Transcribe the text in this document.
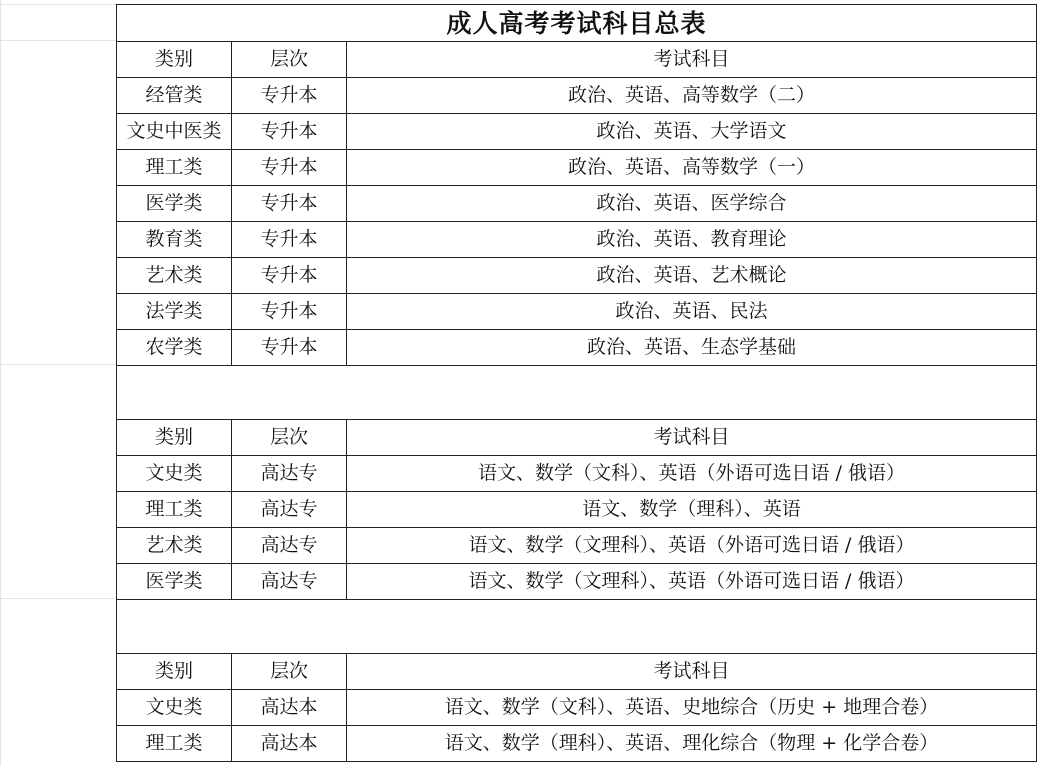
成人高考考试科目总表		
类别	层次	考试科目
经管类	专升本	政治、英语、高等数学（二）
文史中医类	专升本	政治、英语、大学语文
理工类	专升本	政治、英语、高等数学（一）
医学类	专升本	政治、英语、医学综合
教育类	专升本	政治、英语、教育理论
艺术类	专升本	政治、英语、艺术概论
法学类	专升本	政治、英语、民法
农学类	专升本	政治、英语、生态学基础

类别	层次	考试科目
文史类	高达专	语文、数学（文科）、英语（外语可选日语 / 俄语）
理工类	高达专	语文、数学（理科）、英语
艺术类	高达专	语文、数学（文理科）、英语（外语可选日语 / 俄语）
医学类	高达专	语文、数学（文理科）、英语（外语可选日语 / 俄语）

类别	层次	考试科目
文史类	高达本	语文、数学（文科）、英语、史地综合（历史 + 地理合卷）
理工类	高达本	语文、数学（理科）、英语、理化综合（物理 + 化学合卷）
